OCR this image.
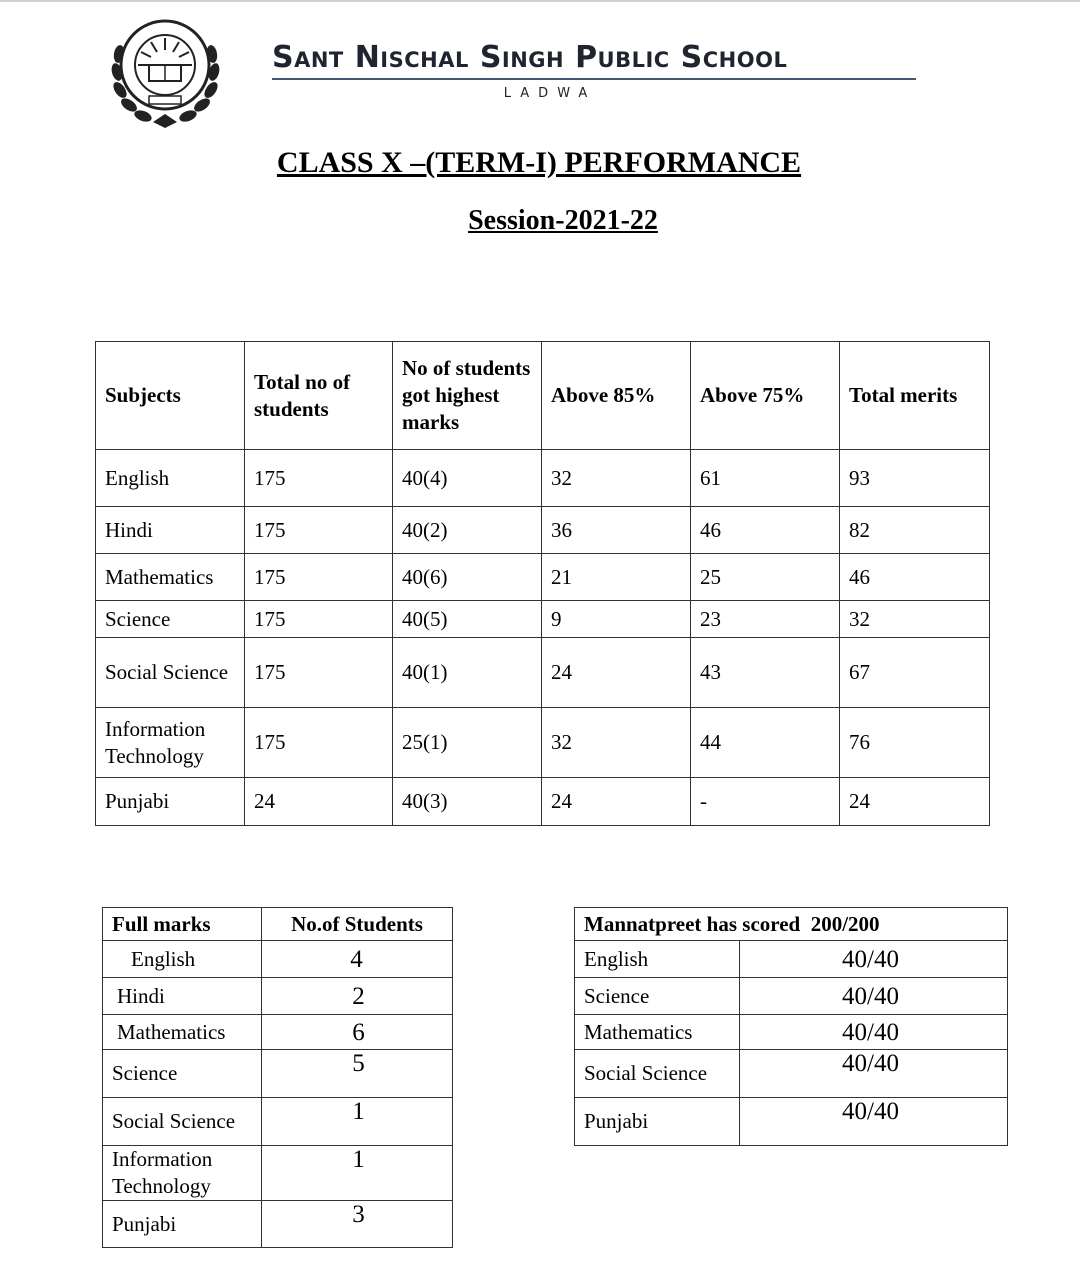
Sant Nischal Singh Public School
LADWA
CLASS X –(TERM-I) PERFORMANCE
Session-2021-22
Subjects	Total no of students	No of students got highest marks	Above 85%	Above 75%	Total merits
English	175	40(4)	32	61	93
Hindi	175	40(2)	36	46	82
Mathematics	175	40(6)	21	25	46
Science	175	40(5)	9	23	32
Social Science	175	40(1)	24	43	67
Information Technology	175	25(1)	32	44	76
Punjabi	24	40(3)	24	-	24
Full marks	No.of Students
English	4
Hindi	2
Mathematics	6
Science	5
Social Science	1
Information Technology	1
Punjabi	3
Mannatpreet has scored  200/200	
English	40/40
Science	40/40
Mathematics	40/40
Social Science	40/40
Punjabi	40/40
